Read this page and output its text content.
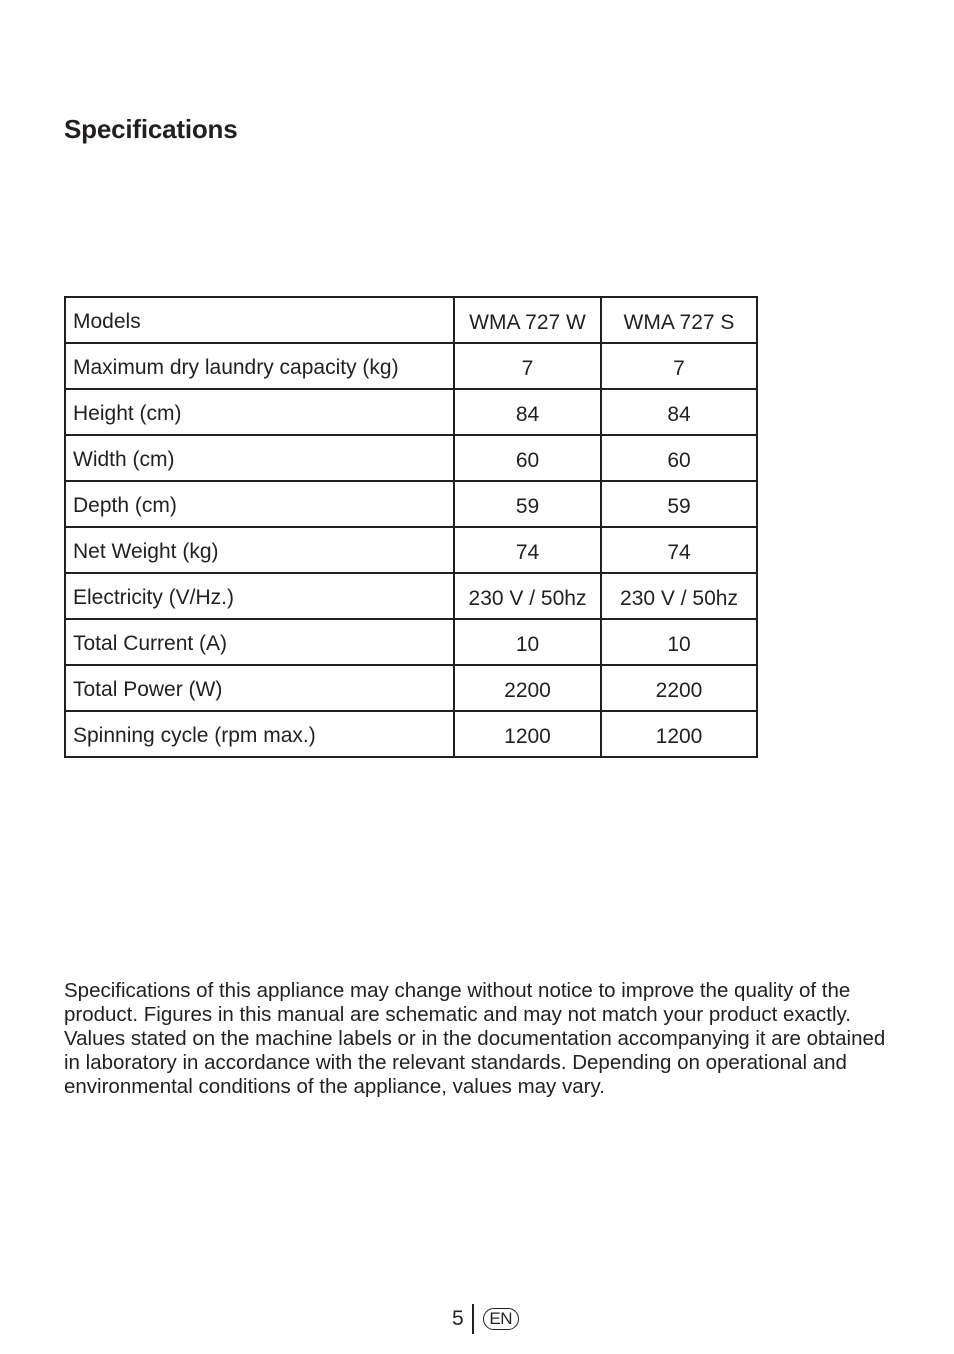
Specifications
Models	WMA 727 W	WMA 727 S
Maximum dry laundry capacity (kg)	7	7
Height (cm)	84	84
Width (cm)	60	60
Depth (cm)	59	59
Net Weight (kg)	74	74
Electricity (V/Hz.)	230 V / 50hz	230 V / 50hz
Total Current (A)	10	10
Total Power (W)	2200	2200
Spinning cycle (rpm max.)	1200	1200

Specifications of this appliance may change without notice to improve the quality of the product. Figures in this manual are schematic and may not match your product exactly.

Values stated on the machine labels or in the documentation accompanying it are obtained in laboratory in accordance with the relevant standards. Depending on operational and environmental conditions of the appliance, values may vary.

5	EN
